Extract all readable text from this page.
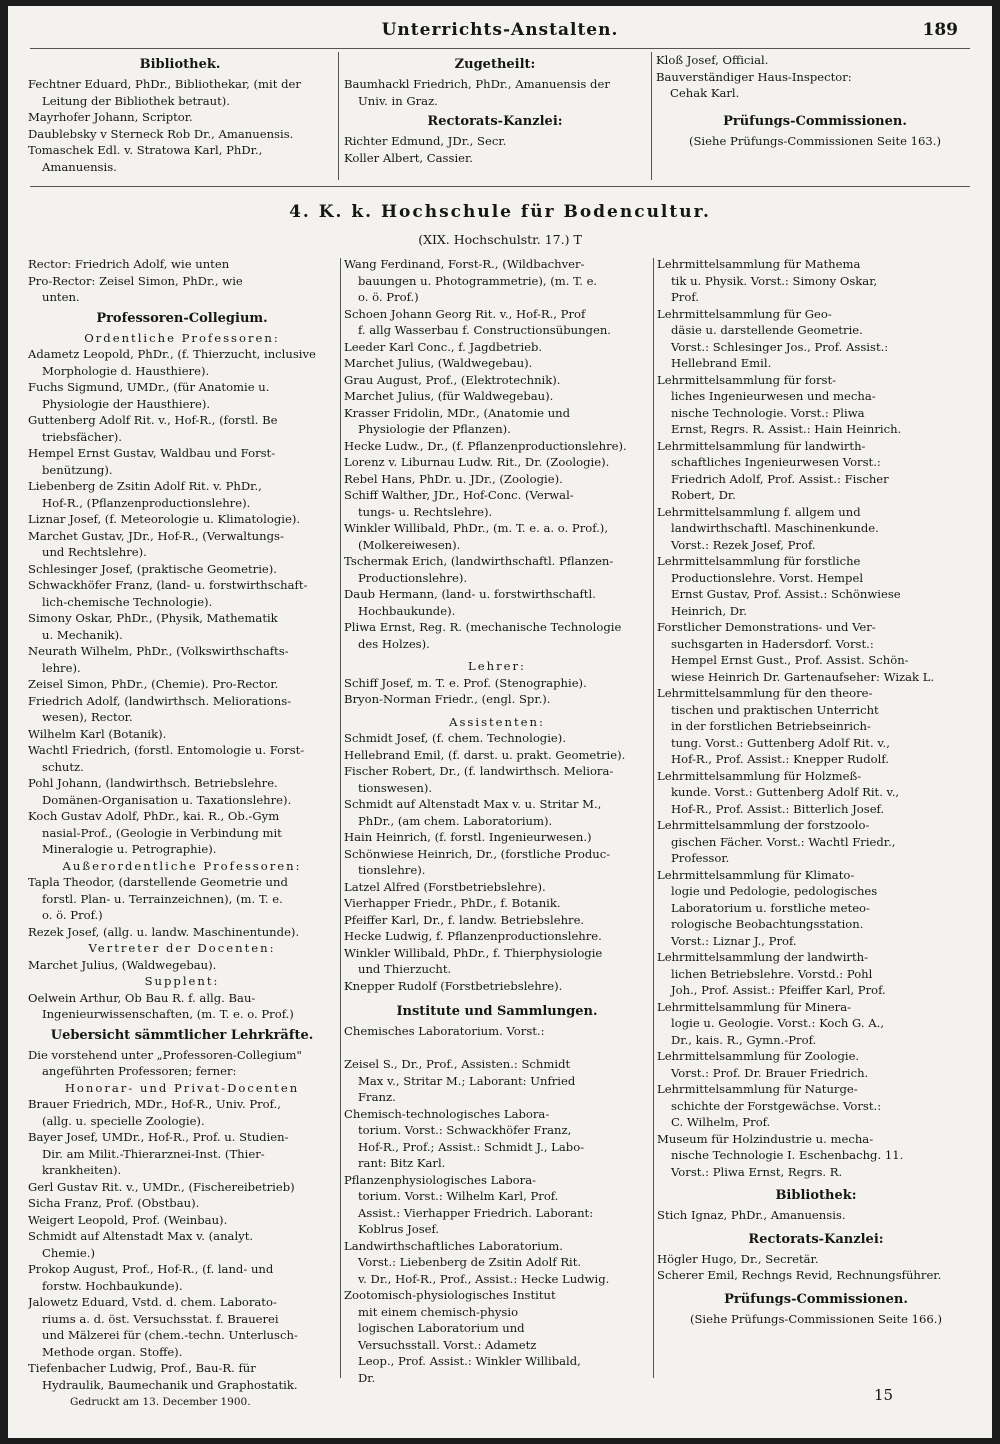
Unterrichts-Anstalten.	189
Bibliothek.
Fechtner Eduard, PhDr., Bibliothekar, (mit der
Leitung der Bibliothek betraut).
Mayrhofer Johann, Scriptor.
Daublebsky v Sterneck Rob Dr., Amanuensis.
Tomaschek Edl. v. Stratowa Karl, PhDr.,
Amanuensis.
Zugetheilt:
Baumhackl Friedrich, PhDr., Amanuensis der
Univ. in Graz.
Rectorats-Kanzlei:
Richter Edmund, JDr., Secr.
Koller Albert, Cassier.
Kloß Josef, Official.
Bauverständiger Haus-Inspector:
Cehak Karl.
Prüfungs-Commissionen.
(Siehe Prüfungs-Commissionen Seite 163.)
4. K. k. Hochschule für Bodencultur.
(XIX. Hochschulstr. 17.) T
Rector: Friedrich Adolf, wie unten
Pro-Rector: Zeisel Simon, PhDr., wie
unten.
Professoren-Collegium.
Ordentliche Professoren:
Adametz Leopold, PhDr., (f. Thierzucht, inclusive
Morphologie d. Hausthiere).
Fuchs Sigmund, UMDr., (für Anatomie u.
Physiologie der Hausthiere).
Guttenberg Adolf Rit. v., Hof-R., (forstl. Be
triebsfächer).
Hempel Ernst Gustav, Waldbau und Forst-
benützung).
Liebenberg de Zsitin Adolf Rit. v. PhDr.,
Hof-R., (Pflanzenproductionslehre).
Liznar Josef, (f. Meteorologie u. Klimatologie).
Marchet Gustav, JDr., Hof-R., (Verwaltungs-
und Rechtslehre).
Schlesinger Josef, (praktische Geometrie).
Schwackhöfer Franz, (land- u. forstwirthschaft-
lich-chemische Technologie).
Simony Oskar, PhDr., (Physik, Mathematik
u. Mechanik).
Neurath Wilhelm, PhDr., (Volkswirthschafts-
lehre).
Zeisel Simon, PhDr., (Chemie). Pro-Rector.
Friedrich Adolf, (landwirthsch. Meliorations-
wesen), Rector.
Wilhelm Karl (Botanik).
Wachtl Friedrich, (forstl. Entomologie u. Forst-
schutz.
Pohl Johann, (landwirthsch. Betriebslehre.
Domänen-Organisation u. Taxationslehre).
Koch Gustav Adolf, PhDr., kai. R., Ob.-Gym
nasial-Prof., (Geologie in Verbindung mit
Mineralogie u. Petrographie).
Außerordentliche Professoren:
Tapla Theodor, (darstellende Geometrie und
forstl. Plan- u. Terrainzeichnen), (m. T. e.
o. ö. Prof.)
Rezek Josef, (allg. u. landw. Maschinentunde).
Vertreter der Docenten:
Marchet Julius, (Waldwegebau).
Supplent:
Oelwein Arthur, Ob Bau R. f. allg. Bau-
Ingenieurwissenschaften, (m. T. e. o. Prof.)
Uebersicht sämmtlicher Lehrkräfte.
Die vorstehend unter „Professoren-Collegium"
angeführten Professoren; ferner:
Honorar- und Privat-Docenten
Brauer Friedrich, MDr., Hof-R., Univ. Prof.,
(allg. u. specielle Zoologie).
Bayer Josef, UMDr., Hof-R., Prof. u. Studien-
Dir. am Milit.-Thierarznei-Inst. (Thier-
krankheiten).
Gerl Gustav Rit. v., UMDr., (Fischereibetrieb)
Sicha Franz, Prof. (Obstbau).
Weigert Leopold, Prof. (Weinbau).
Schmidt auf Altenstadt Max v. (analyt.
Chemie.)
Prokop August, Prof., Hof-R., (f. land- und
forstw. Hochbaukunde).
Jalowetz Eduard, Vstd. d. chem. Laborato-
riums a. d. öst. Versuchsstat. f. Brauerei
und Mälzerei für (chem.-techn. Unterlusch-
Methode organ. Stoffe).
Tiefenbacher Ludwig, Prof., Bau-R. für
Hydraulik, Baumechanik und Graphostatik.
Wang Ferdinand, Forst-R., (Wildbachver-
bauungen u. Photogrammetrie), (m. T. e.
o. ö. Prof.)
Schoen Johann Georg Rit. v., Hof-R., Prof
f. allg Wasserbau f. Constructionsübungen.
Leeder Karl Conc., f. Jagdbetrieb.
Marchet Julius, (Waldwegebau).
Grau August, Prof., (Elektrotechnik).
Marchet Julius, (für Waldwegebau).
Krasser Fridolin, MDr., (Anatomie und
Physiologie der Pflanzen).
Hecke Ludw., Dr., (f. Pflanzenproductionslehre).
Lorenz v. Liburnau Ludw. Rit., Dr. (Zoologie).
Rebel Hans, PhDr. u. JDr., (Zoologie).
Schiff Walther, JDr., Hof-Conc. (Verwal-
tungs- u. Rechtslehre).
Winkler Willibald, PhDr., (m. T. e. a. o. Prof.),
(Molkereiwesen).
Tschermak Erich, (landwirthschaftl. Pflanzen-
Productionslehre).
Daub Hermann, (land- u. forstwirthschaftl.
Hochbaukunde).
Pliwa Ernst, Reg. R. (mechanische Technologie
des Holzes).
Lehrer:
Schiff Josef, m. T. e. Prof. (Stenographie).
Bryon-Norman Friedr., (engl. Spr.).
Assistenten:
Schmidt Josef, (f. chem. Technologie).
Hellebrand Emil, (f. darst. u. prakt. Geometrie).
Fischer Robert, Dr., (f. landwirthsch. Meliora-
tionswesen).
Schmidt auf Altenstadt Max v. u. Stritar M.,
PhDr., (am chem. Laboratorium).
Hain Heinrich, (f. forstl. Ingenieurwesen.)
Schönwiese Heinrich, Dr., (forstliche Produc-
tionslehre).
Latzel Alfred (Forstbetriebslehre).
Vierhapper Friedr., PhDr., f. Botanik.
Pfeiffer Karl, Dr., f. landw. Betriebslehre.
Hecke Ludwig, f. Pflanzenproductionslehre.
Winkler Willibald, PhDr., f. Thierphysiologie
und Thierzucht.
Knepper Rudolf (Forstbetriebslehre).
Institute und Sammlungen.
Chemisches Laboratorium. Vorst.:

Zeisel S., Dr., Prof., Assisten.: Schmidt
Max v., Stritar M.; Laborant: Unfried
Franz.
Chemisch-technologisches Labora-
torium. Vorst.: Schwackhöfer Franz,
Hof-R., Prof.; Assist.: Schmidt J., Labo-
rant: Bitz Karl.
Pflanzenphysiologisches Labora-
torium. Vorst.: Wilhelm Karl, Prof.
Assist.: Vierhapper Friedrich. Laborant:
Koblrus Josef.
Landwirthschaftliches Laboratorium.
Vorst.: Liebenberg de Zsitin Adolf Rit.
v. Dr., Hof-R., Prof., Assist.: Hecke Ludwig.
Zootomisch-physiologisches Institut
mit einem chemisch-physio
logischen Laboratorium und
Versuchsstall. Vorst.: Adametz
Leop., Prof. Assist.: Winkler Willibald,
Dr.
Lehrmittelsammlung für Mathema
tik u. Physik. Vorst.: Simony Oskar,
Prof.
Lehrmittelsammlung für Geo-
däsie u. darstellende Geometrie.
Vorst.: Schlesinger Jos., Prof. Assist.:
Hellebrand Emil.
Lehrmittelsammlung für forst-
liches Ingenieurwesen und mecha-
nische Technologie. Vorst.: Pliwa
Ernst, Regrs. R. Assist.: Hain Heinrich.
Lehrmittelsammlung für landwirth-
schaftliches Ingenieurwesen Vorst.:
Friedrich Adolf, Prof. Assist.: Fischer
Robert, Dr.
Lehrmittelsammlung f. allgem und
landwirthschaftl. Maschinenkunde.
Vorst.: Rezek Josef, Prof.
Lehrmittelsammlung für forstliche
Productionslehre. Vorst. Hempel
Ernst Gustav, Prof. Assist.: Schönwiese
Heinrich, Dr.
Forstlicher Demonstrations- und Ver-
suchsgarten in Hadersdorf. Vorst.:
Hempel Ernst Gust., Prof. Assist. Schön-
wiese Heinrich Dr. Gartenaufseher: Wizak L.
Lehrmittelsammlung für den theore-
tischen und praktischen Unterricht
in der forstlichen Betriebseinrich-
tung. Vorst.: Guttenberg Adolf Rit. v.,
Hof-R., Prof. Assist.: Knepper Rudolf.
Lehrmittelsammlung für Holzmeß-
kunde. Vorst.: Guttenberg Adolf Rit. v.,
Hof-R., Prof. Assist.: Bitterlich Josef.
Lehrmittelsammlung der forstzoolo-
gischen Fächer. Vorst.: Wachtl Friedr.,
Professor.
Lehrmittelsammlung für Klimato-
logie und Pedologie, pedologisches
Laboratorium u. forstliche meteo-
rologische Beobachtungsstation.
Vorst.: Liznar J., Prof.
Lehrmittelsammlung der landwirth-
lichen Betriebslehre. Vorstd.: Pohl
Joh., Prof. Assist.: Pfeiffer Karl, Prof.
Lehrmittelsammlung für Minera-
logie u. Geologie. Vorst.: Koch G. A.,
Dr., kais. R., Gymn.-Prof.
Lehrmittelsammlung für Zoologie.
Vorst.: Prof. Dr. Brauer Friedrich.
Lehrmittelsammlung für Naturge-
schichte der Forstgewächse. Vorst.:
C. Wilhelm, Prof.
Museum für Holzindustrie u. mecha-
nische Technologie I. Eschenbachg. 11.
Vorst.: Pliwa Ernst, Regrs. R.
Bibliothek:
Stich Ignaz, PhDr., Amanuensis.
Rectorats-Kanzlei:
Högler Hugo, Dr., Secretär.
Scherer Emil, Rechngs Revid, Rechnungsführer.
Prüfungs-Commissionen.
(Siehe Prüfungs-Commissionen Seite 166.)
Gedruckt am 13. December 1900.	15
